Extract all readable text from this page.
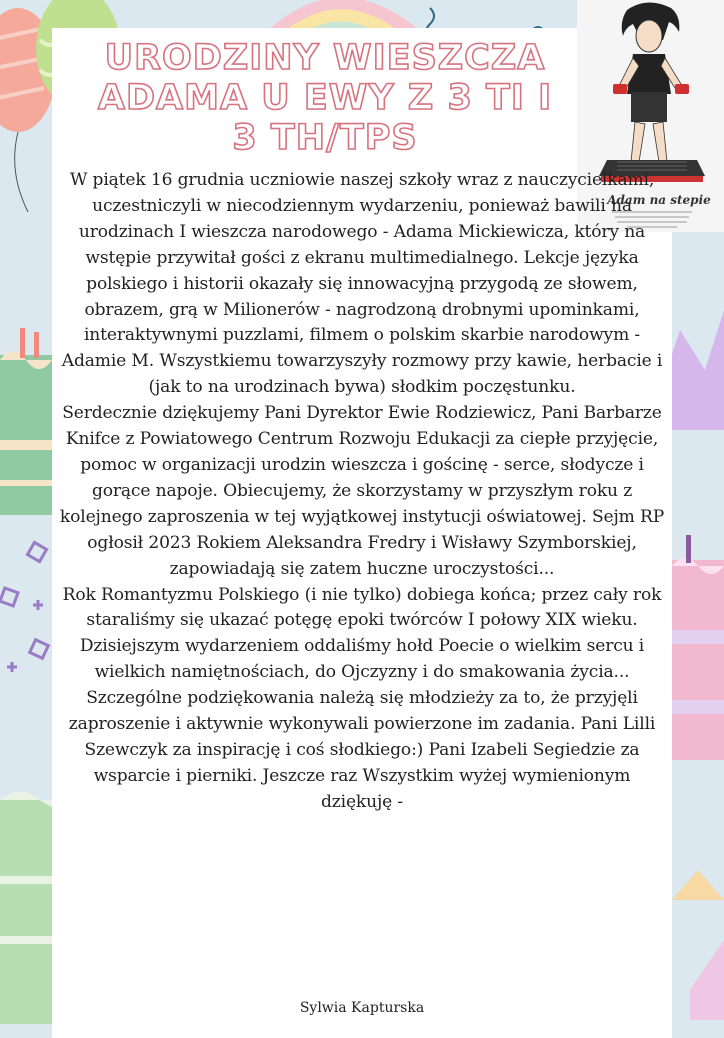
Adam na stepie
URODZINY WIESZCZA ADAMA U EWY Z 3 TI I 3 TH/TPS

W piątek 16 grudnia uczniowie naszej szkoły wraz z nauczycielkami, uczestniczyli w niecodziennym wydarzeniu, ponieważ bawili na urodzinach I wieszcza narodowego - Adama Mickiewicza, który na wstępie przywitał gości z ekranu multimedialnego. Lekcje języka polskiego i historii okazały się innowacyjną przygodą ze słowem, obrazem, grą w Milionerów - nagrodzoną drobnymi upominkami, interaktywnymi puzzlami, filmem o polskim skarbie narodowym - Adamie M. Wszystkiemu towarzyszyły rozmowy przy kawie, herbacie i (jak to na urodzinach bywa) słodkim poczęstunku.

Serdecznie dziękujemy Pani Dyrektor Ewie Rodziewicz, Pani Barbarze Knifce z Powiatowego Centrum Rozwoju Edukacji za ciepłe przyjęcie, pomoc w organizacji urodzin wieszcza i gościnę - serce, słodycze i gorące napoje. Obiecujemy, że skorzystamy w przyszłym roku z kolejnego zaproszenia w tej wyjątkowej instytucji oświatowej. Sejm RP ogłosił 2023 Rokiem Aleksandra Fredry i Wisławy Szymborskiej, zapowiadają się zatem huczne uroczystości...

Rok Romantyzmu Polskiego (i nie tylko) dobiega końca; przez cały rok staraliśmy się ukazać potęgę epoki twórców I połowy XIX wieku. Dzisiejszym wydarzeniem oddaliśmy hołd Poecie o wielkim sercu i wielkich namiętnościach, do Ojczyzny i do smakowania życia... Szczególne podziękowania należą się młodzieży za to, że przyjęli zaproszenie i aktywnie wykonywali powierzone im zadania. Pani Lilli Szewczyk za inspirację i coś słodkiego:) Pani Izabeli Segiedzie za wsparcie i pierniki. Jeszcze raz Wszystkim wyżej wymienionym dziękuję -

Sylwia Kapturska
